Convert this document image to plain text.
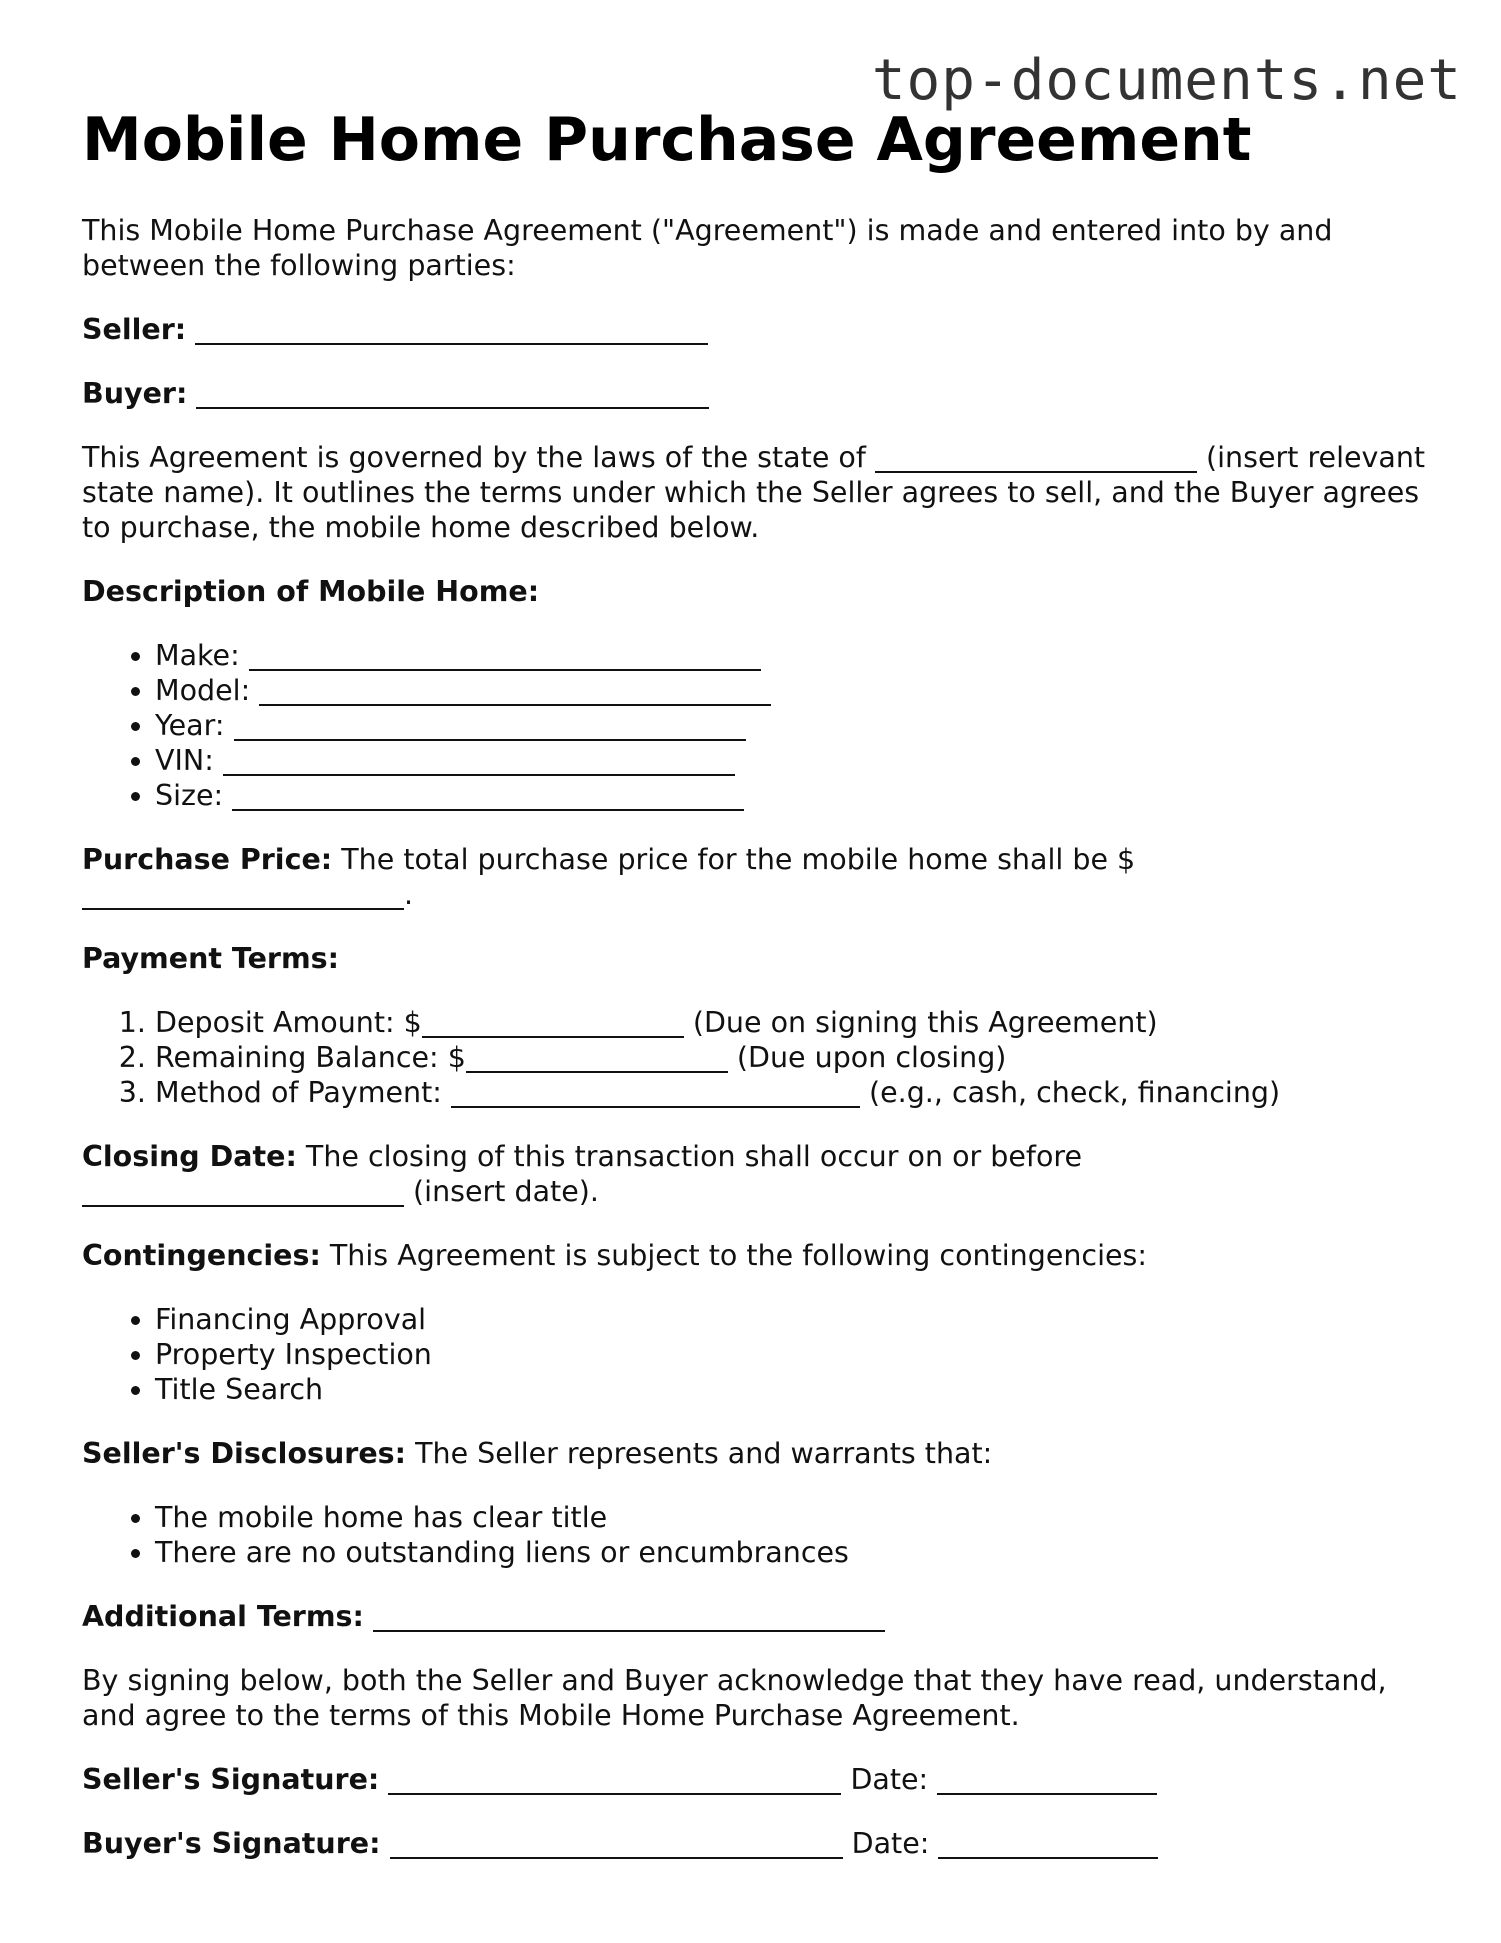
top-documents.net
Mobile Home Purchase Agreement

This Mobile Home Purchase Agreement ("Agreement") is made and entered into by and between the following parties:

Seller:

Buyer:

This Agreement is governed by the laws of the state of	(insert relevant state name). It outlines the terms under which the Seller agrees to sell, and the Buyer agrees to purchase, the mobile home described below.

Description of Mobile Home:

• Make:
• Model:
• Year:
• VIN:
• Size:

Purchase Price: The total purchase price for the mobile home shall be $.

Payment Terms:

1. Deposit Amount: $	(Due on signing this Agreement)
2. Remaining Balance: $	(Due upon closing)
3. Method of Payment:	(e.g., cash, check, financing)

Closing Date: The closing of this transaction shall occur on or before  (insert date).

Contingencies: This Agreement is subject to the following contingencies:

• Financing Approval
• Property Inspection
• Title Search

Seller's Disclosures: The Seller represents and warrants that:

• The mobile home has clear title
• There are no outstanding liens or encumbrances

Additional Terms:

By signing below, both the Seller and Buyer acknowledge that they have read, understand, and agree to the terms of this Mobile Home Purchase Agreement.

Seller's Signature:	Date:

Buyer's Signature:	Date:
